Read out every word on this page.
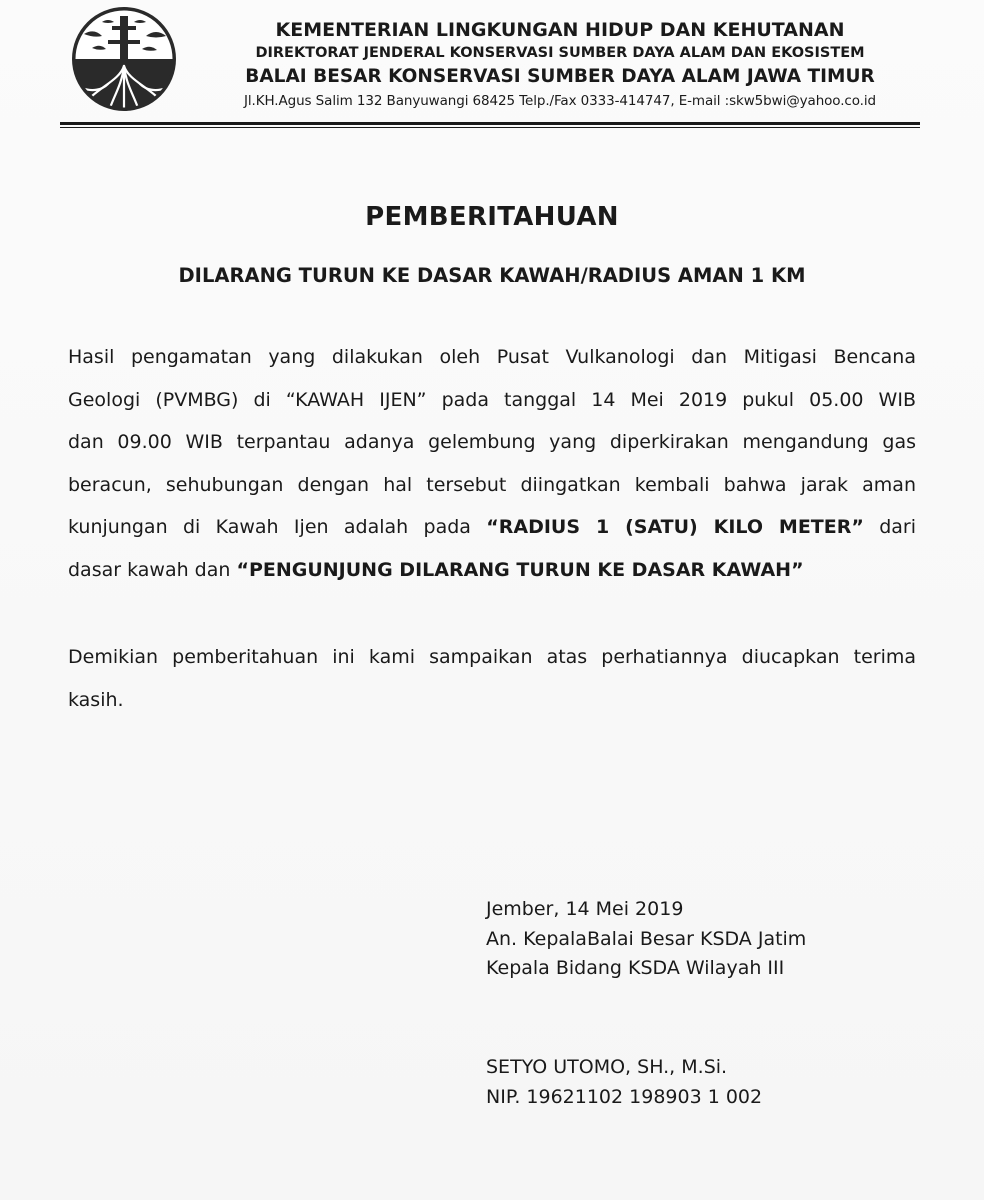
KEMENTERIAN LINGKUNGAN HIDUP DAN KEHUTANAN
DIREKTORAT JENDERAL KONSERVASI SUMBER DAYA ALAM DAN EKOSISTEM
BALAI BESAR KONSERVASI SUMBER DAYA ALAM JAWA TIMUR
Jl.KH.Agus Salim 132 Banyuwangi 68425 Telp./Fax 0333-414747, E-mail :skw5bwi@yahoo.co.id
PEMBERITAHUAN
DILARANG TURUN KE DASAR KAWAH/RADIUS AMAN 1 KM
Hasil pengamatan yang dilakukan oleh Pusat Vulkanologi dan Mitigasi Bencana
Geologi (PVMBG) di “KAWAH IJEN” pada tanggal 14 Mei 2019 pukul 05.00 WIB
dan 09.00 WIB terpantau adanya gelembung yang diperkirakan mengandung gas
beracun, sehubungan dengan hal tersebut diingatkan kembali bahwa jarak aman
kunjungan di Kawah Ijen adalah pada “RADIUS 1 (SATU) KILO METER” dari
dasar kawah dan “PENGUNJUNG DILARANG TURUN KE DASAR KAWAH”
Demikian pemberitahuan ini kami sampaikan atas perhatiannya diucapkan terima
kasih.
Jember, 14 Mei 2019
An. KepalaBalai Besar KSDA Jatim
Kepala Bidang KSDA Wilayah III
SETYO UTOMO, SH., M.Si.
NIP. 19621102 198903 1 002
